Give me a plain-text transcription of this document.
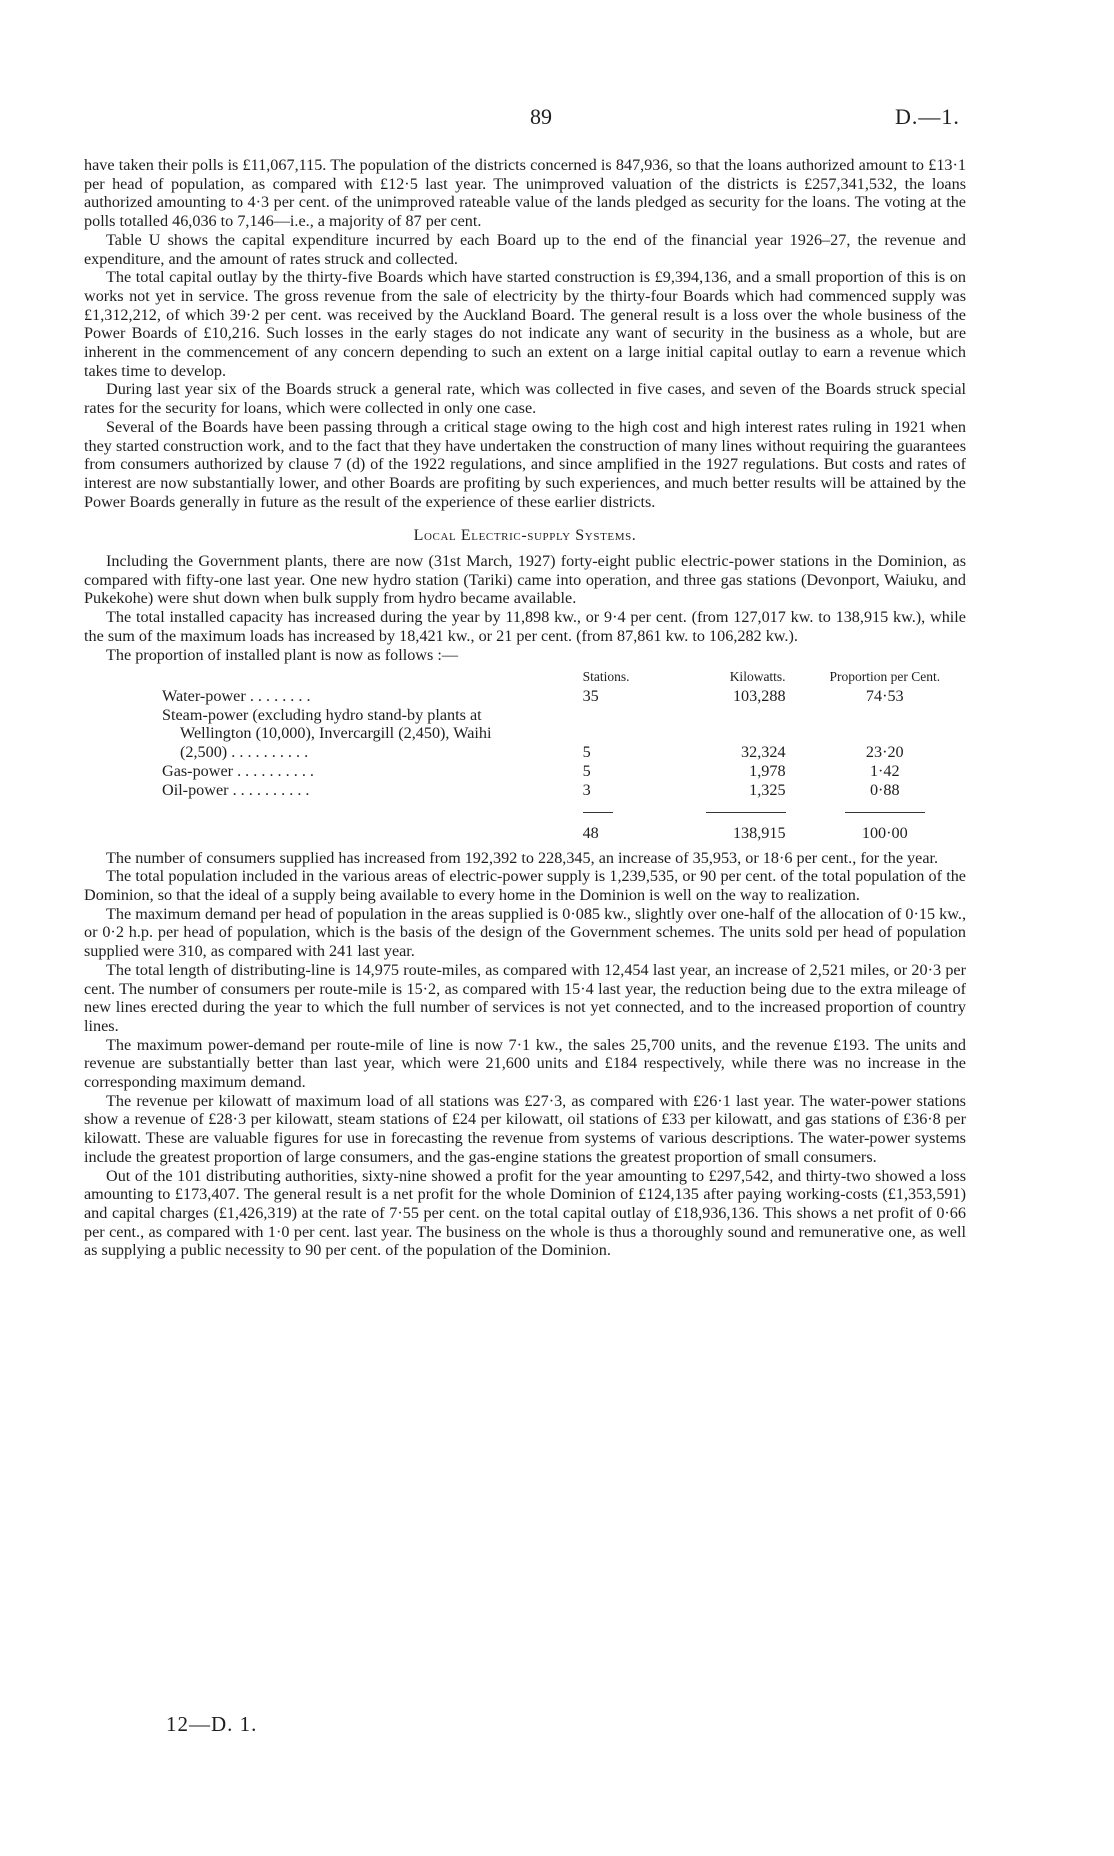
89	D.—1.

have taken their polls is £11,067,115. The population of the districts concerned is 847,936, so that the loans authorized amount to £13·1 per head of population, as compared with £12·5 last year. The unimproved valuation of the districts is £257,341,532, the loans authorized amounting to 4·3 per cent. of the unimproved rateable value of the lands pledged as security for the loans. The voting at the polls totalled 46,036 to 7,146—i.e., a majority of 87 per cent.

Table U shows the capital expenditure incurred by each Board up to the end of the financial year 1926–27, the revenue and expenditure, and the amount of rates struck and collected.

The total capital outlay by the thirty-five Boards which have started construction is £9,394,136, and a small proportion of this is on works not yet in service. The gross revenue from the sale of electricity by the thirty-four Boards which had commenced supply was £1,312,212, of which 39·2 per cent. was received by the Auckland Board. The general result is a loss over the whole business of the Power Boards of £10,216. Such losses in the early stages do not indicate any want of security in the business as a whole, but are inherent in the commencement of any concern depending to such an extent on a large initial capital outlay to earn a revenue which takes time to develop.

During last year six of the Boards struck a general rate, which was collected in five cases, and seven of the Boards struck special rates for the security for loans, which were collected in only one case.

Several of the Boards have been passing through a critical stage owing to the high cost and high interest rates ruling in 1921 when they started construction work, and to the fact that they have undertaken the construction of many lines without requiring the guarantees from consumers authorized by clause 7 (d) of the 1922 regulations, and since amplified in the 1927 regulations. But costs and rates of interest are now substantially lower, and other Boards are profiting by such experiences, and much better results will be attained by the Power Boards generally in future as the result of the experience of these earlier districts.

Local Electric-supply Systems.

Including the Government plants, there are now (31st March, 1927) forty-eight public electric-power stations in the Dominion, as compared with fifty-one last year. One new hydro station (Tariki) came into operation, and three gas stations (Devonport, Waiuku, and Pukekohe) were shut down when bulk supply from hydro became available.

The total installed capacity has increased during the year by 11,898 kw., or 9·4 per cent. (from 127,017 kw. to 138,915 kw.), while the sum of the maximum loads has increased by 18,421 kw., or 21 per cent. (from 87,861 kw. to 106,282 kw.).

The proportion of installed plant is now as follows :—

	Stations.	Kilowatts.	Proportion per Cent.
Water-power . . . . . . . .	35	103,288	74·53
Steam-power (excluding hydro stand-by plants at			
Wellington (10,000), Invercargill (2,450), Waihi			
(2,500) . . . . . . . . . .	5	32,324	23·20
Gas-power . . . . . . . . . .	5	1,978	1·42
Oil-power . . . . . . . . . .	3	1,325	0·88

	48	138,915	100·00

The number of consumers supplied has increased from 192,392 to 228,345, an increase of 35,953, or 18·6 per cent., for the year.

The total population included in the various areas of electric-power supply is 1,239,535, or 90 per cent. of the total population of the Dominion, so that the ideal of a supply being available to every home in the Dominion is well on the way to realization.

The maximum demand per head of population in the areas supplied is 0·085 kw., slightly over one-half of the allocation of 0·15 kw., or 0·2 h.p. per head of population, which is the basis of the design of the Government schemes. The units sold per head of population supplied were 310, as compared with 241 last year.

The total length of distributing-line is 14,975 route-miles, as compared with 12,454 last year, an increase of 2,521 miles, or 20·3 per cent. The number of consumers per route-mile is 15·2, as compared with 15·4 last year, the reduction being due to the extra mileage of new lines erected during the year to which the full number of services is not yet connected, and to the increased proportion of country lines.

The maximum power-demand per route-mile of line is now 7·1 kw., the sales 25,700 units, and the revenue £193. The units and revenue are substantially better than last year, which were 21,600 units and £184 respectively, while there was no increase in the corresponding maximum demand.

The revenue per kilowatt of maximum load of all stations was £27·3, as compared with £26·1 last year. The water-power stations show a revenue of £28·3 per kilowatt, steam stations of £24 per kilowatt, oil stations of £33 per kilowatt, and gas stations of £36·8 per kilowatt. These are valuable figures for use in forecasting the revenue from systems of various descriptions. The water-power systems include the greatest proportion of large consumers, and the gas-engine stations the greatest proportion of small consumers.

Out of the 101 distributing authorities, sixty-nine showed a profit for the year amounting to £297,542, and thirty-two showed a loss amounting to £173,407. The general result is a net profit for the whole Dominion of £124,135 after paying working-costs (£1,353,591) and capital charges (£1,426,319) at the rate of 7·55 per cent. on the total capital outlay of £18,936,136. This shows a net profit of 0·66 per cent., as compared with 1·0 per cent. last year. The business on the whole is thus a thoroughly sound and remunerative one, as well as supplying a public necessity to 90 per cent. of the population of the Dominion.

12—D. 1.
